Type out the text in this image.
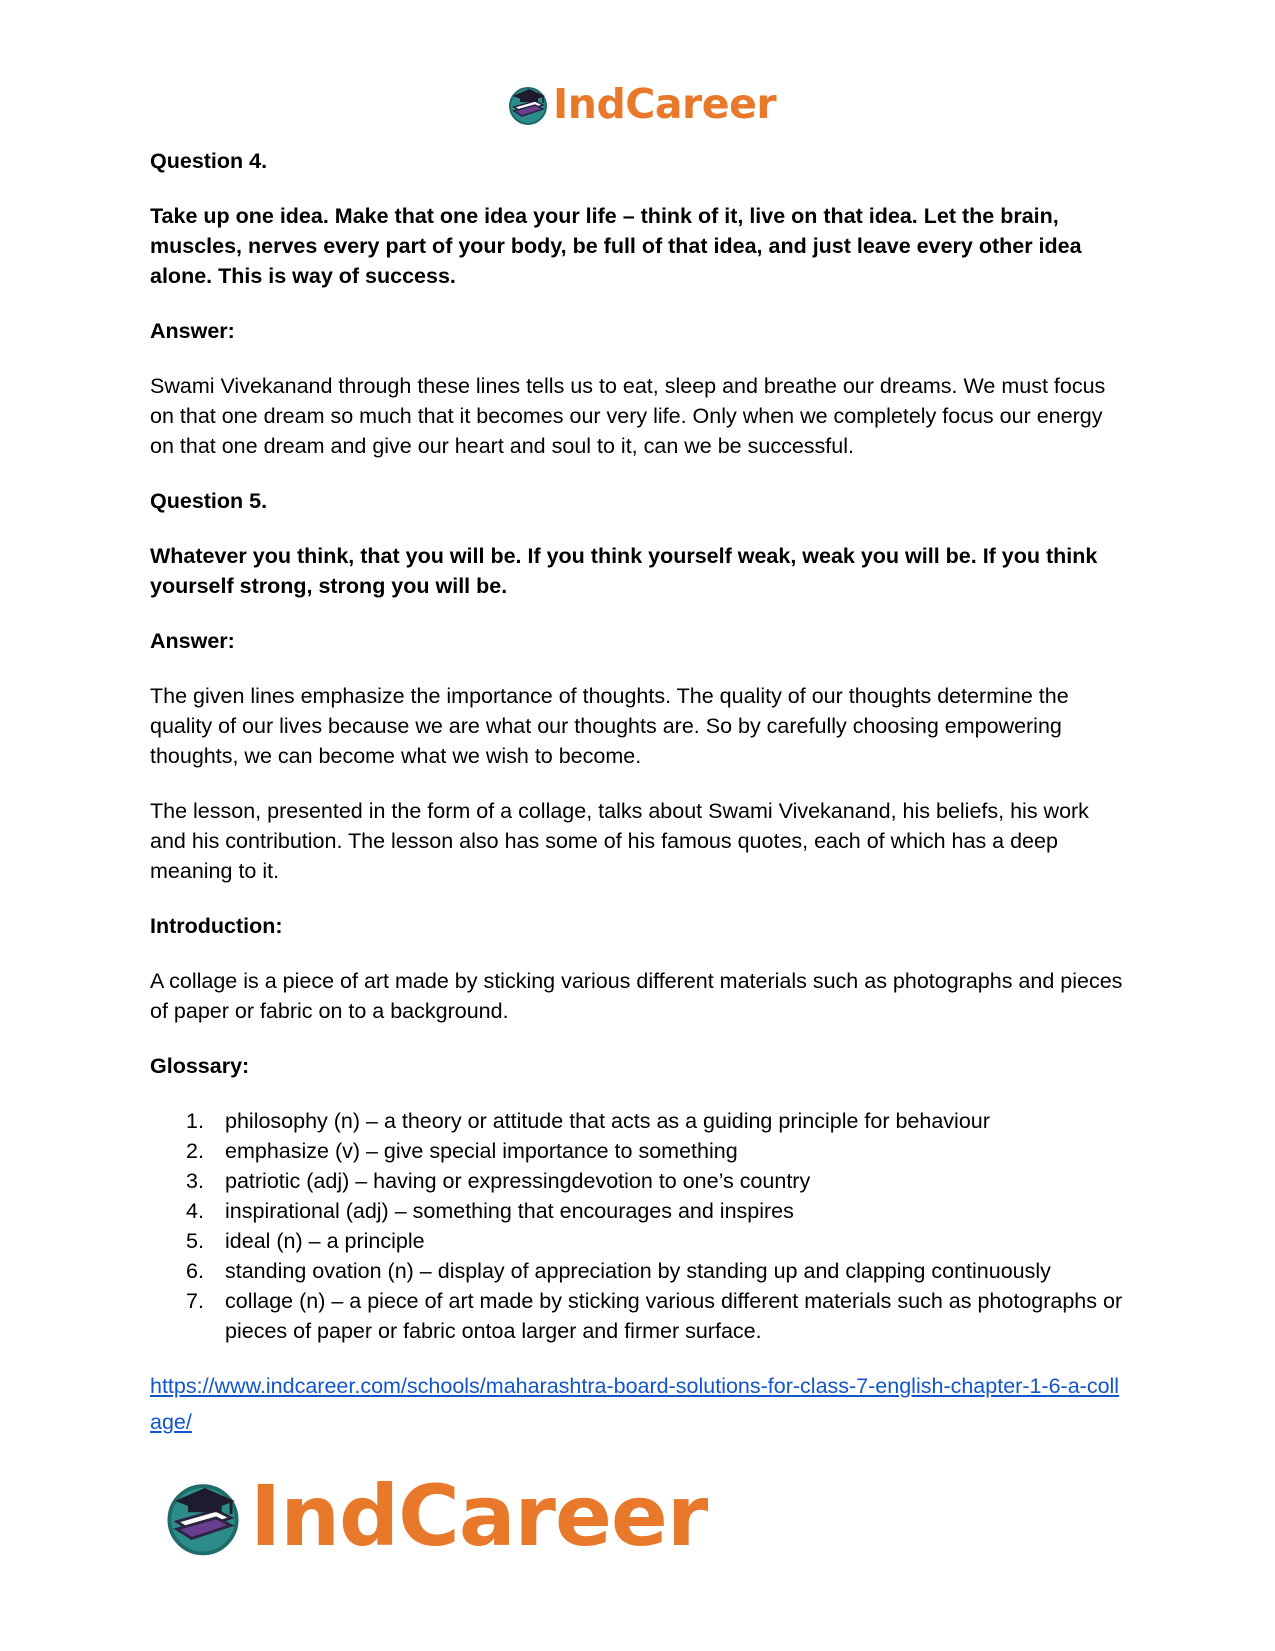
IndCareer

Question 4.

Take up one idea. Make that one idea your life – think of it, live on that idea. Let the brain, muscles, nerves every part of your body, be full of that idea, and just leave every other idea alone. This is way of success.

Answer:

Swami Vivekanand through these lines tells us to eat, sleep and breathe our dreams. We must focus on that one dream so much that it becomes our very life. Only when we completely focus our energy on that one dream and give our heart and soul to it, can we be successful.

Question 5.

Whatever you think, that you will be. If you think yourself weak, weak you will be. If you think yourself strong, strong you will be.

Answer:

The given lines emphasize the importance of thoughts. The quality of our thoughts determine the quality of our lives because we are what our thoughts are. So by carefully choosing empowering thoughts, we can become what we wish to become.

The lesson, presented in the form of a collage, talks about Swami Vivekanand, his beliefs, his work and his contribution. The lesson also has some of his famous quotes, each of which has a deep meaning to it.

Introduction:

A collage is a piece of art made by sticking various different materials such as photographs and pieces of paper or fabric on to a background.

Glossary:

1. philosophy (n) – a theory or attitude that acts as a guiding principle for behaviour
2. emphasize (v) – give special importance to something
3. patriotic (adj) – having or expressingdevotion to one’s country
4. inspirational (adj) – something that encourages and inspires
5. ideal (n) – a principle
6. standing ovation (n) – display of appreciation by standing up and clapping continuously
7. collage (n) – a piece of art made by sticking various different materials such as photographs or pieces of paper or fabric ontoa larger and firmer surface.
https://www.indcareer.com/schools/maharashtra-board-solutions-for-class-7-english-chapter-1-6-a-collage/
IndCareer
